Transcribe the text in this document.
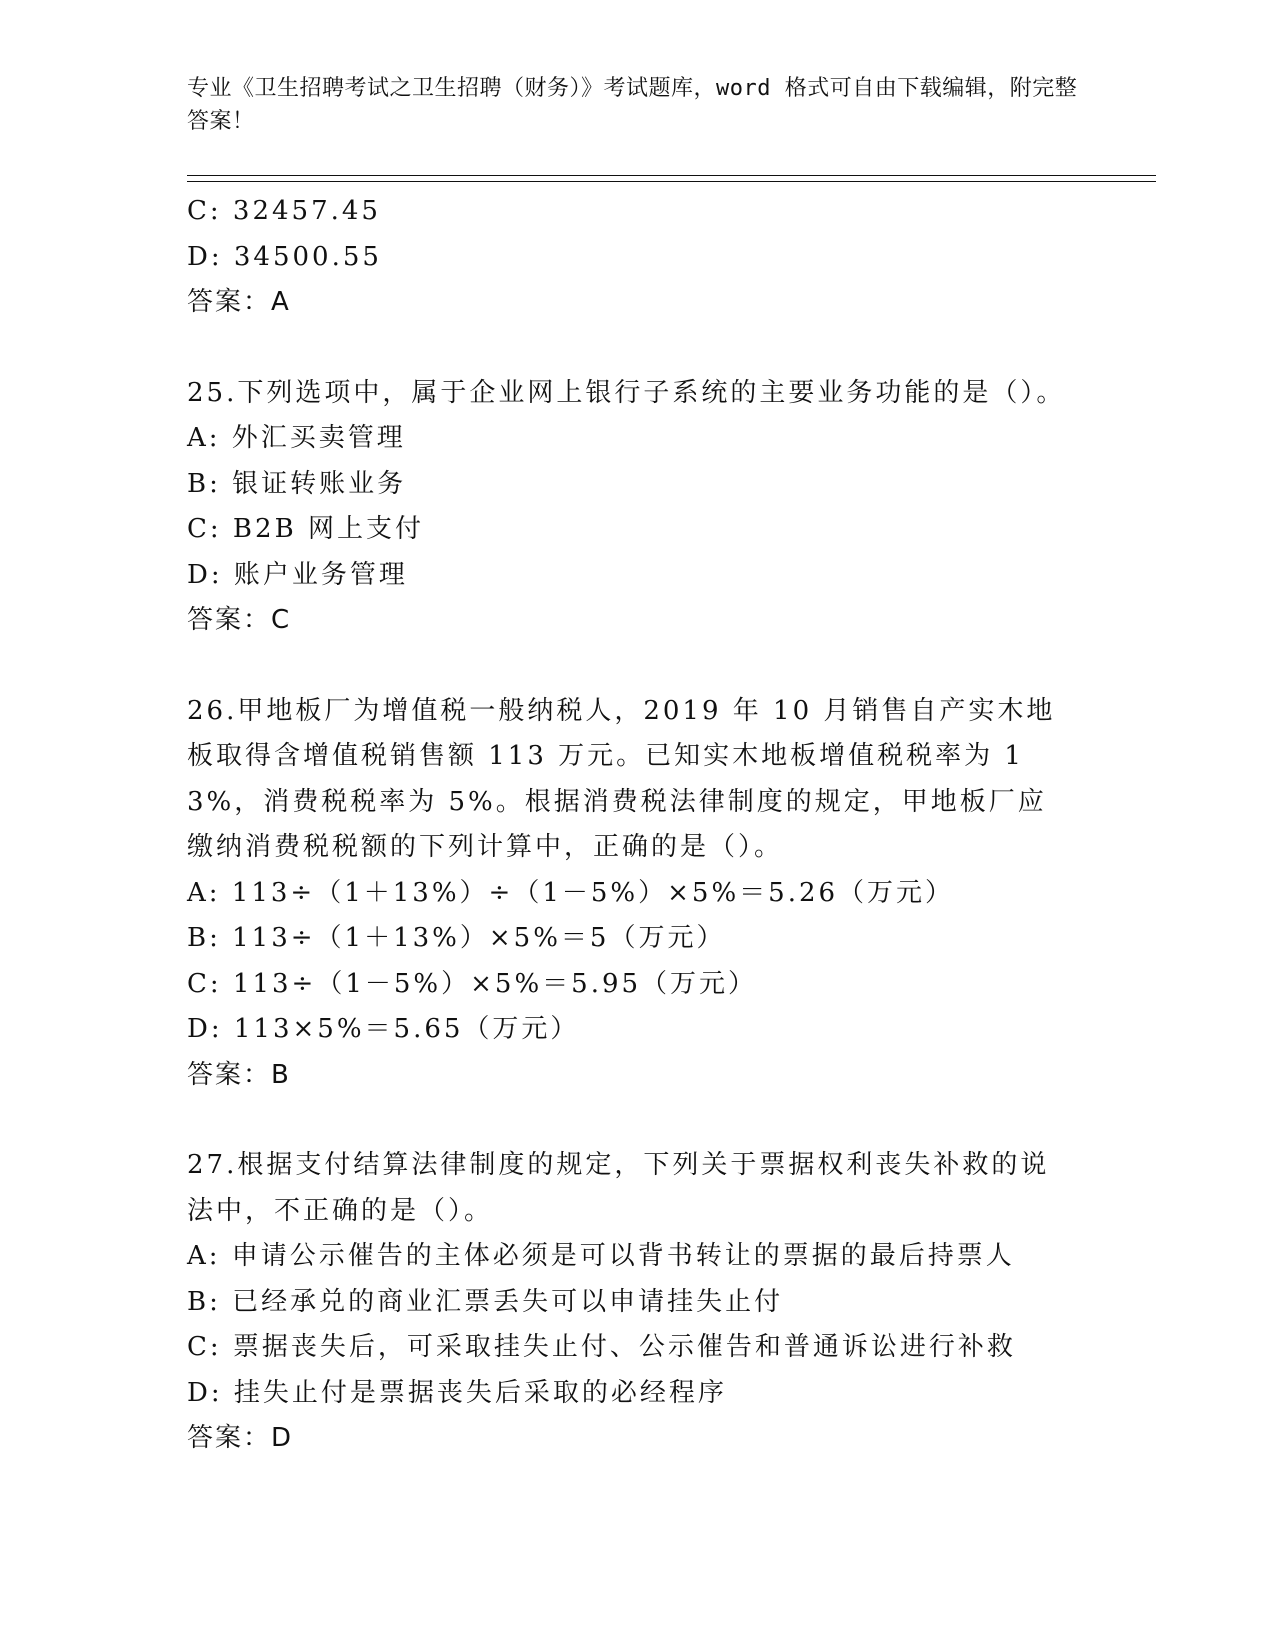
专业《卫生招聘考试之卫生招聘（财务）》考试题库，word 格式可自由下载编辑，附完整答案！
C: 32457.45
D: 34500.55
答案：A
25.下列选项中，属于企业网上银行子系统的主要业务功能的是（）。
A: 外汇买卖管理
B: 银证转账业务
C: B2B 网上支付
D: 账户业务管理
答案：C
26.甲地板厂为增值税一般纳税人，2019 年 10 月销售自产实木地板取得含增值税销售额 113 万元。已知实木地板增值税税率为 13%，消费税税率为 5%。根据消费税法律制度的规定，甲地板厂应缴纳消费税税额的下列计算中，正确的是（）。
A: 113÷（1＋13%）÷（1－5%）×5%＝5.26（万元）
B: 113÷（1＋13%）×5%＝5（万元）
C: 113÷（1－5%）×5%＝5.95（万元）
D: 113×5%＝5.65（万元）
答案：B
27.根据支付结算法律制度的规定，下列关于票据权利丧失补救的说法中，不正确的是（）。
A: 申请公示催告的主体必须是可以背书转让的票据的最后持票人
B: 已经承兑的商业汇票丢失可以申请挂失止付
C: 票据丧失后，可采取挂失止付、公示催告和普通诉讼进行补救
D: 挂失止付是票据丧失后采取的必经程序
答案：D
